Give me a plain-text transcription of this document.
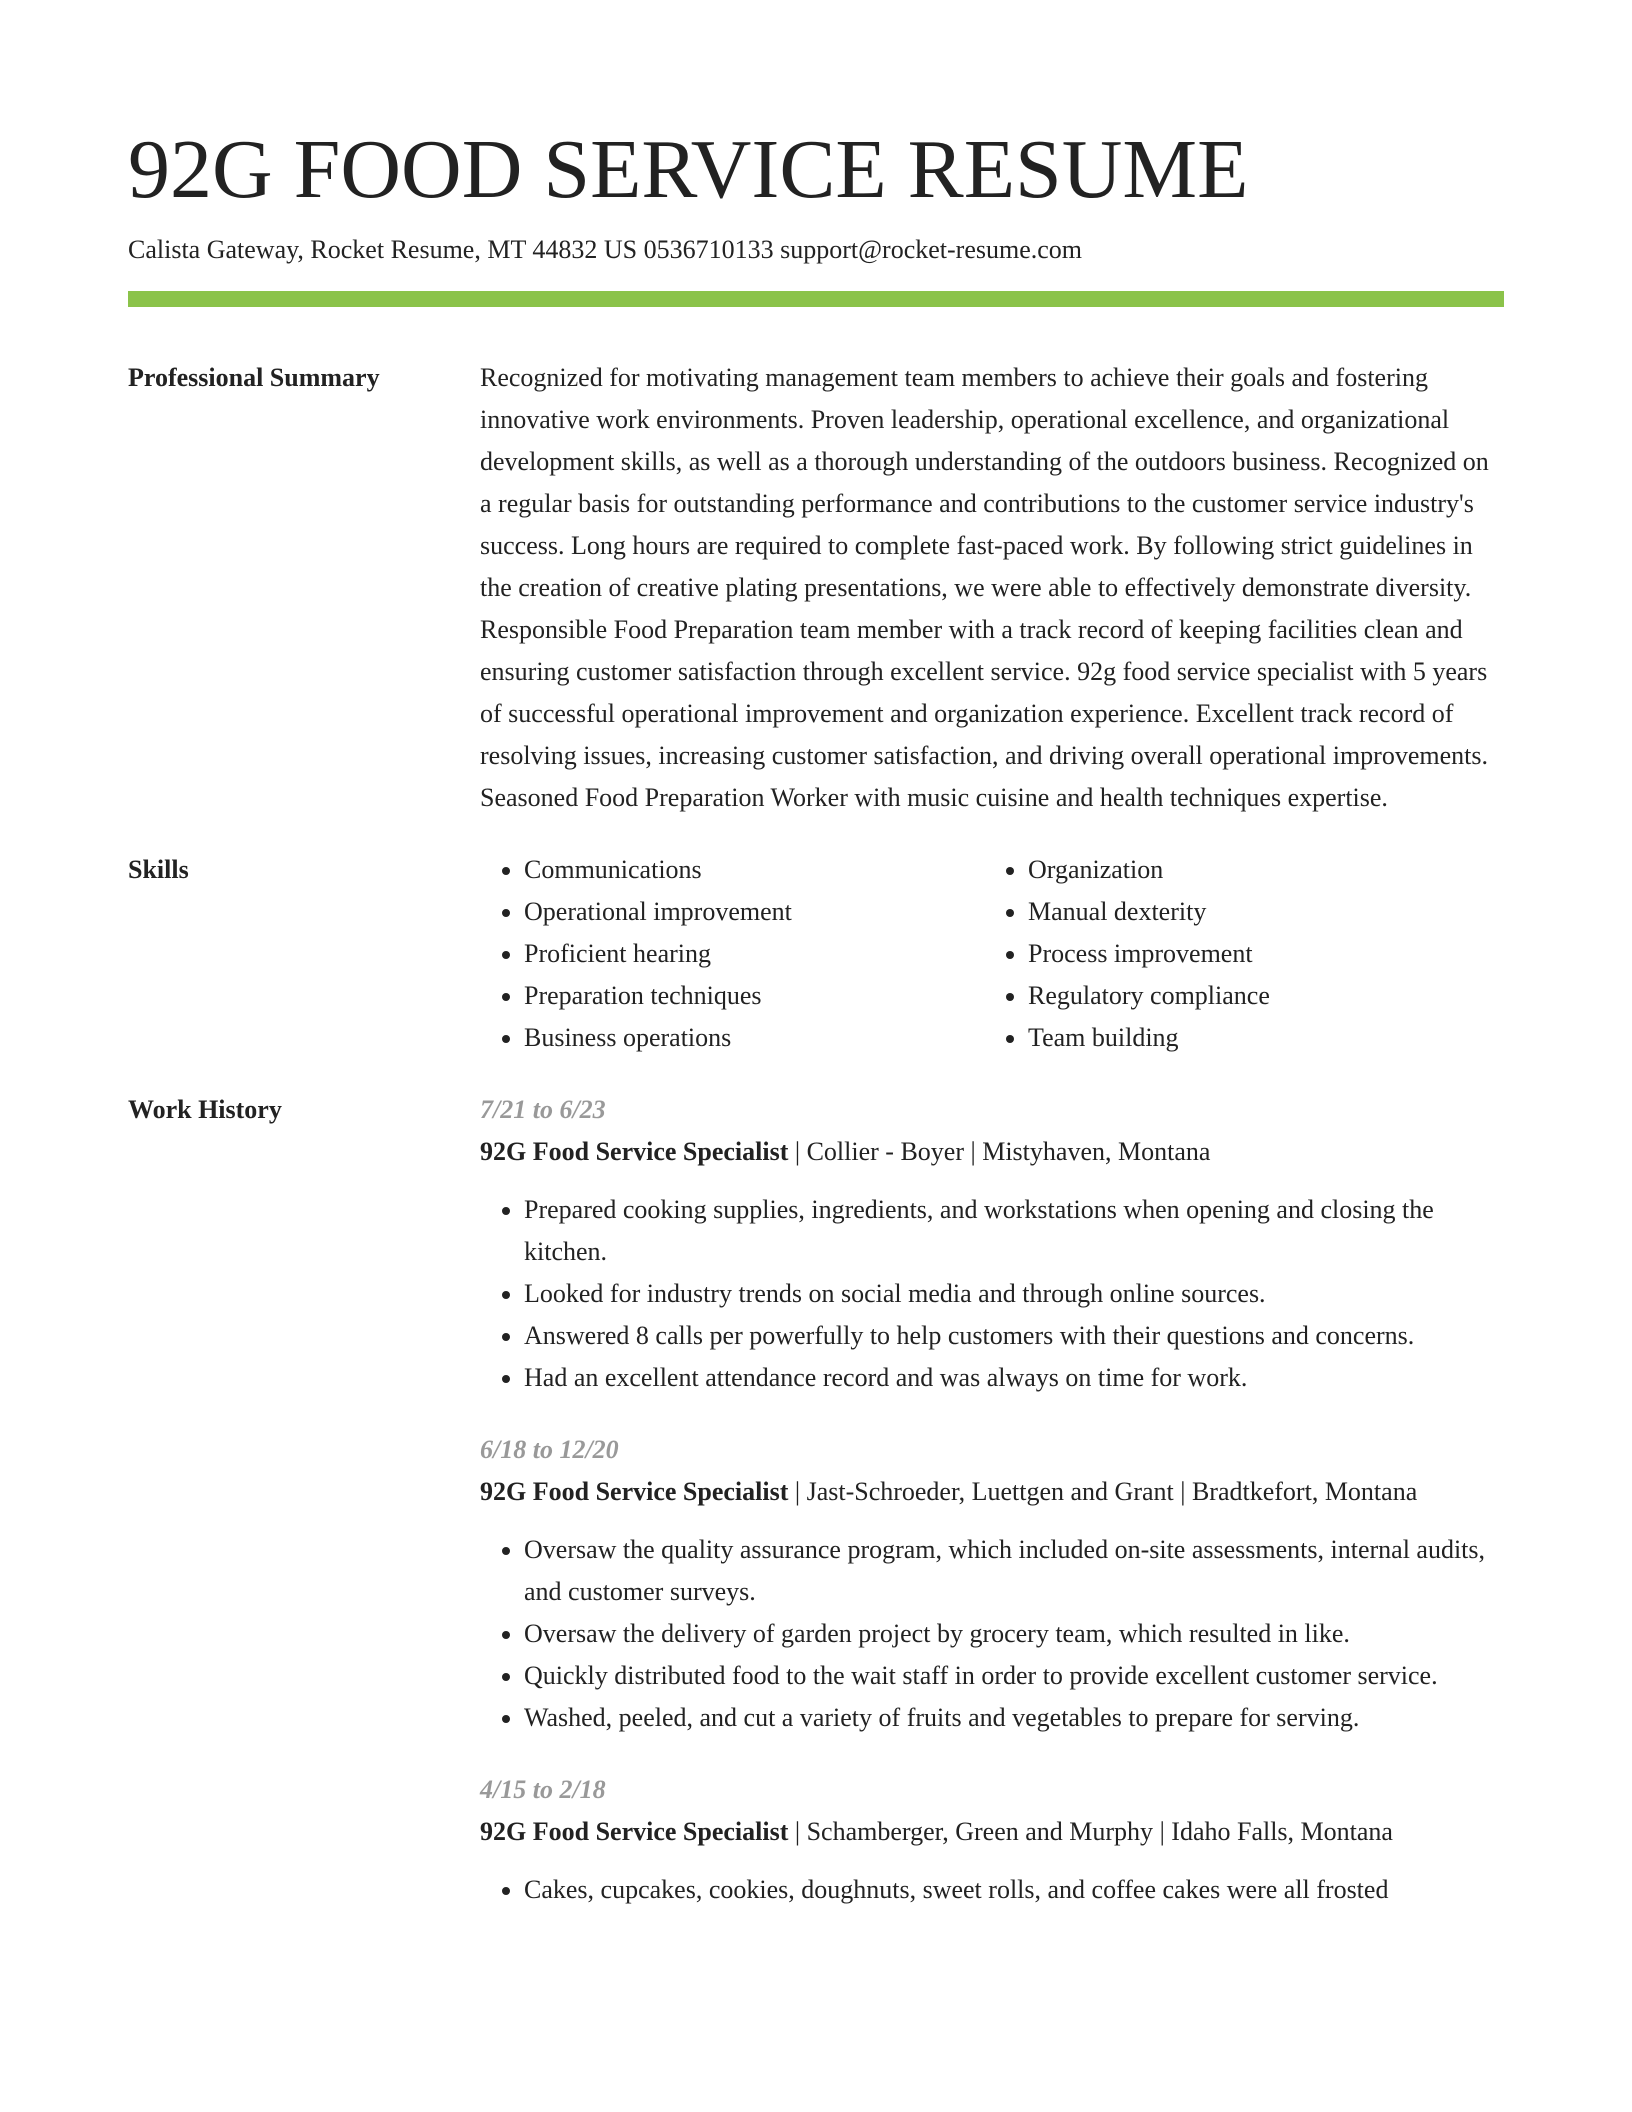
92G FOOD SERVICE RESUME
Calista Gateway, Rocket Resume, MT 44832 US 0536710133 support@rocket-resume.com
Professional Summary	Recognized for motivating management team members to achieve their goals and fostering innovative work environments. Proven leadership, operational excellence, and organizational development skills, as well as a thorough understanding of the outdoors business. Recognized on a regular basis for outstanding performance and contributions to the customer service industry's success. Long hours are required to complete fast-paced work. By following strict guidelines in the creation of creative plating presentations, we were able to effectively demonstrate diversity. Responsible Food Preparation team member with a track record of keeping facilities clean and ensuring customer satisfaction through excellent service. 92g food service specialist with 5 years of successful operational improvement and organization experience. Excellent track record of resolving issues, increasing customer satisfaction, and driving overall operational improvements. Seasoned Food Preparation Worker with music cuisine and health techniques expertise.
Skills
•	Communications
• Operational improvement
• Proficient hearing
• Preparation techniques
• Business operations
• Organization
• Manual dexterity
• Process improvement
• Regulatory compliance
• Team building
Work History	7/21 to 6/23
92G Food Service Specialist | Collier - Boyer | Mistyhaven, Montana
• Prepared cooking supplies, ingredients, and workstations when opening and closing the kitchen.
• Looked for industry trends on social media and through online sources.
• Answered 8 calls per powerfully to help customers with their questions and concerns.
• Had an excellent attendance record and was always on time for work.
6/18 to 12/20
92G Food Service Specialist | Jast-Schroeder, Luettgen and Grant | Bradtkefort, Montana
• Oversaw the quality assurance program, which included on-site assessments, internal audits, and customer surveys.
• Oversaw the delivery of garden project by grocery team, which resulted in like.
• Quickly distributed food to the wait staff in order to provide excellent customer service.
• Washed, peeled, and cut a variety of fruits and vegetables to prepare for serving.
4/15 to 2/18
92G Food Service Specialist | Schamberger, Green and Murphy | Idaho Falls, Montana
• Cakes, cupcakes, cookies, doughnuts, sweet rolls, and coffee cakes were all frosted
